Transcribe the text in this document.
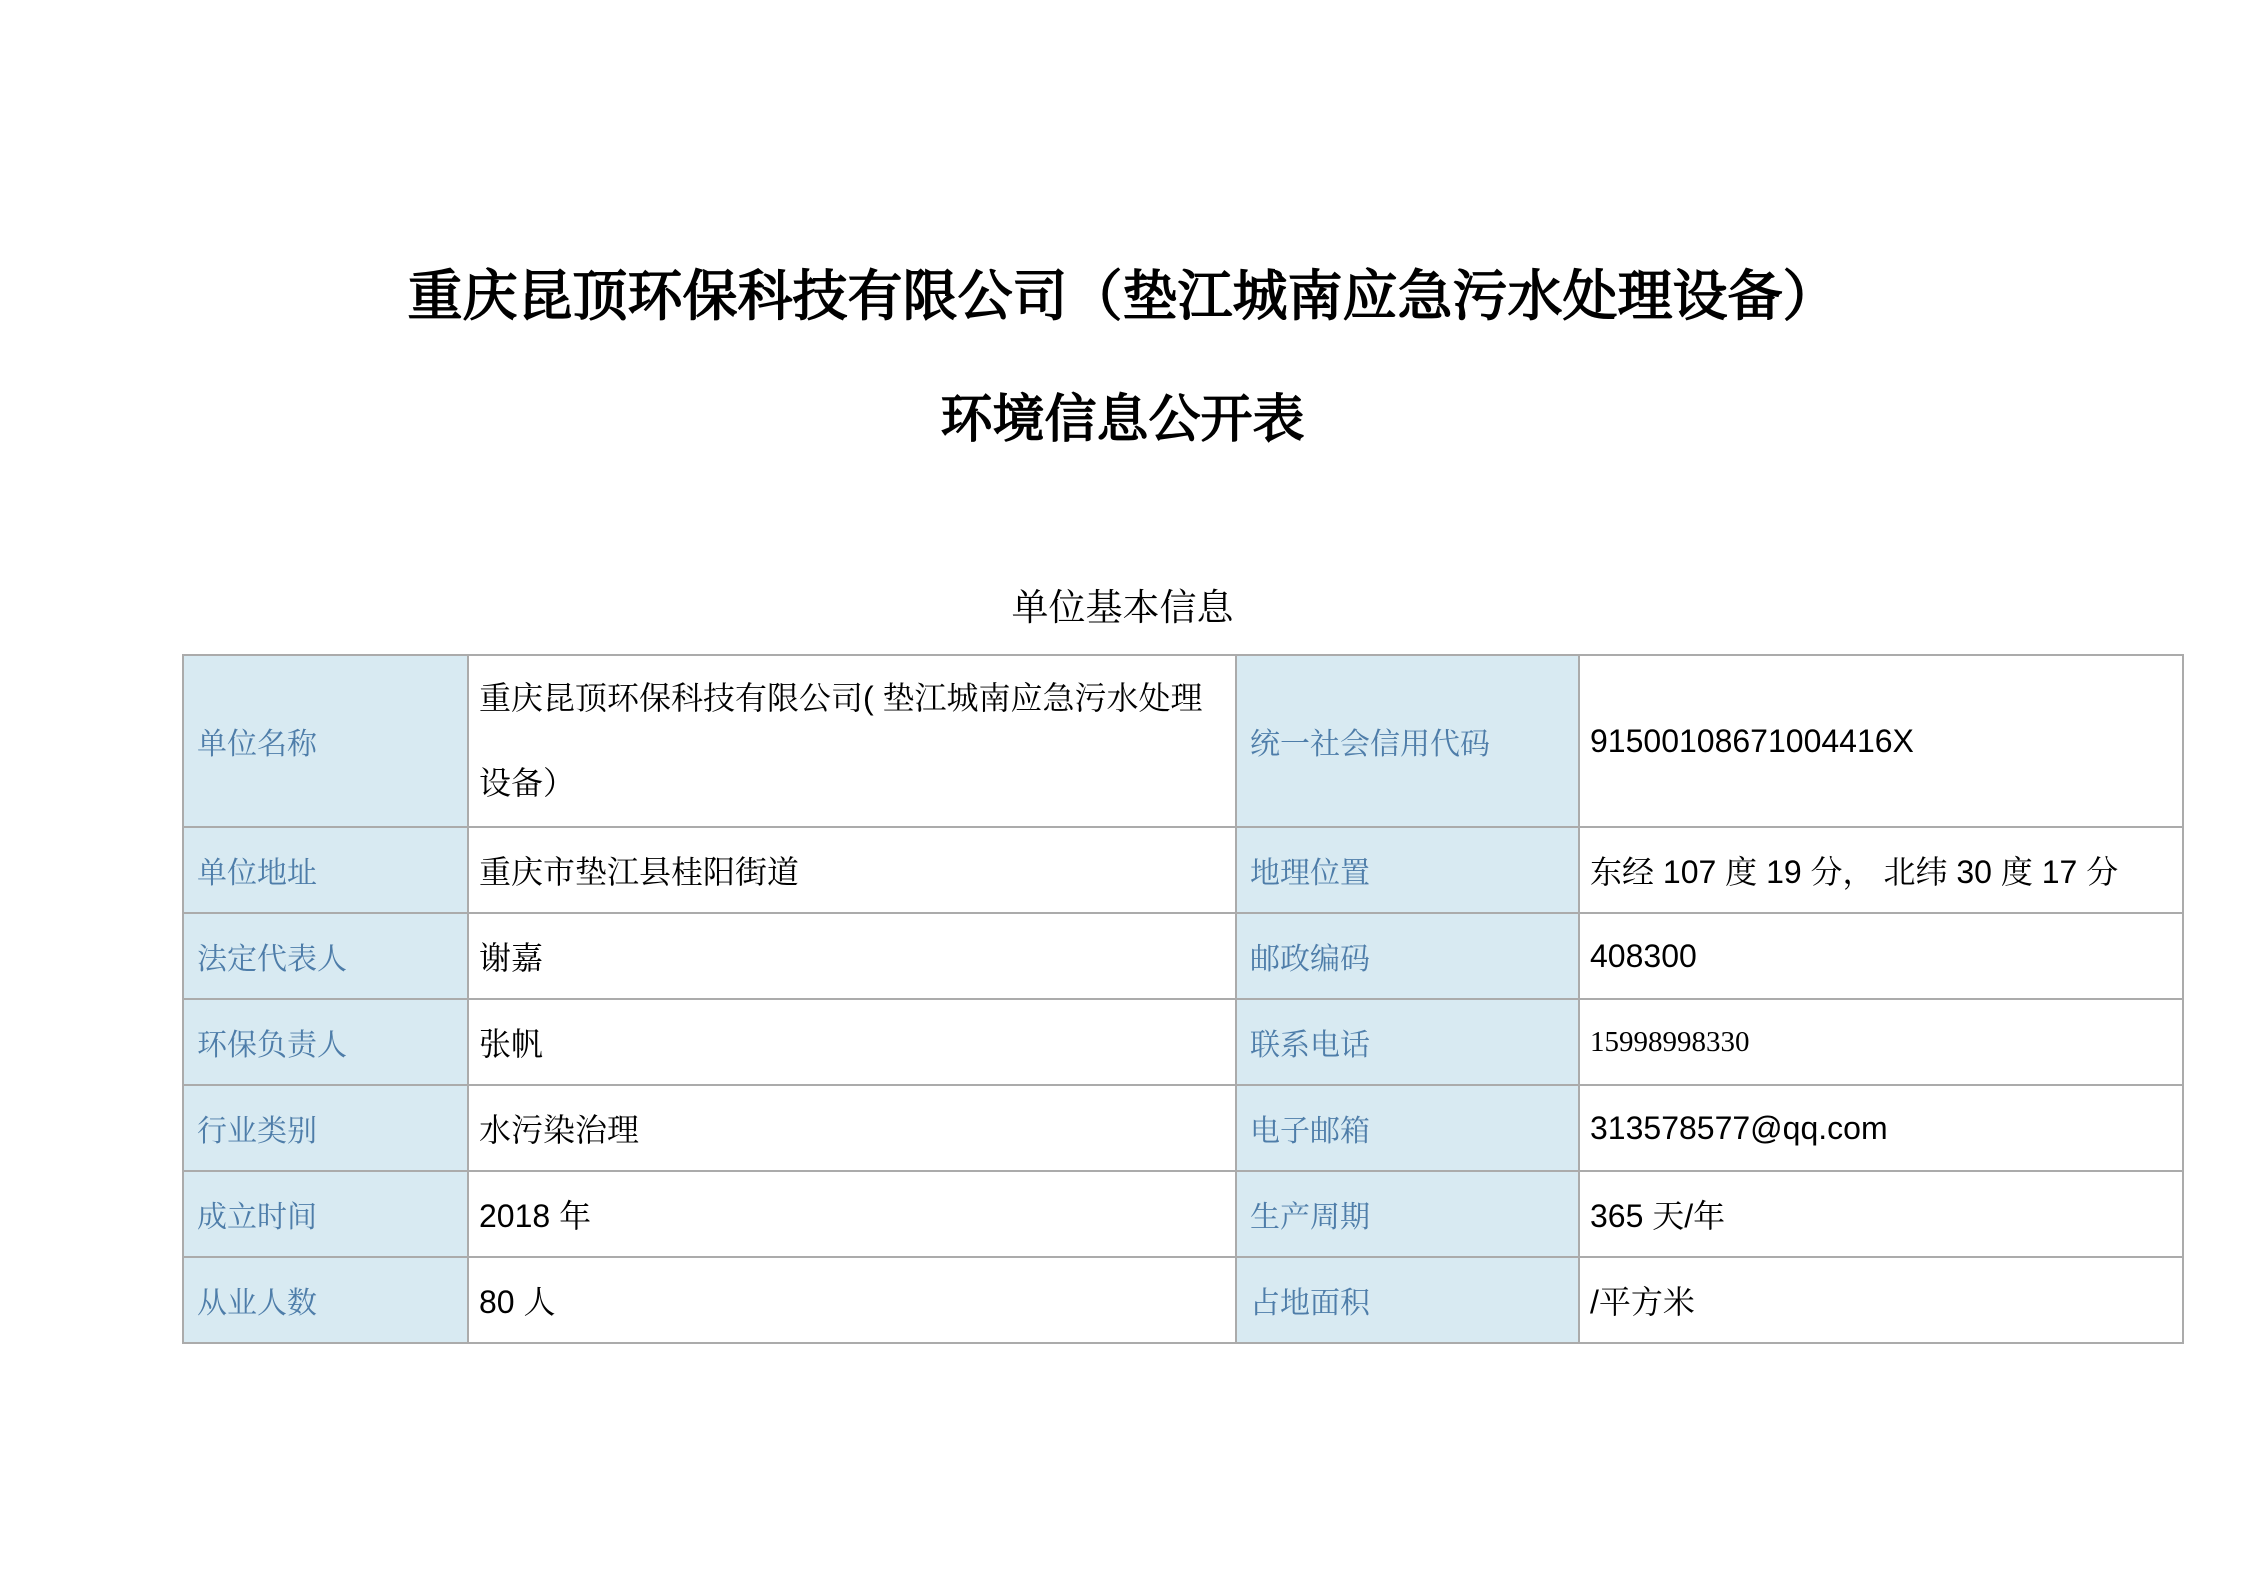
重庆昆顶环保科技有限公司（垫江城南应急污水处理设备）
环境信息公开表
单位基本信息
单位名称	重庆昆顶环保科技有限公司( 垫江城南应急污水处理设备）	统一社会信用代码	91500108671004416X
单位地址	重庆市垫江县桂阳街道	地理位置	东经 107 度 19 分， 北纬 30 度 17 分
法定代表人	谢嘉	邮政编码	408300
环保负责人	张帆	联系电话	15998998330
行业类别	水污染治理	电子邮箱	313578577@qq.com
成立时间	2018 年	生产周期	365 天/年
从业人数	80 人	占地面积	/平方米
